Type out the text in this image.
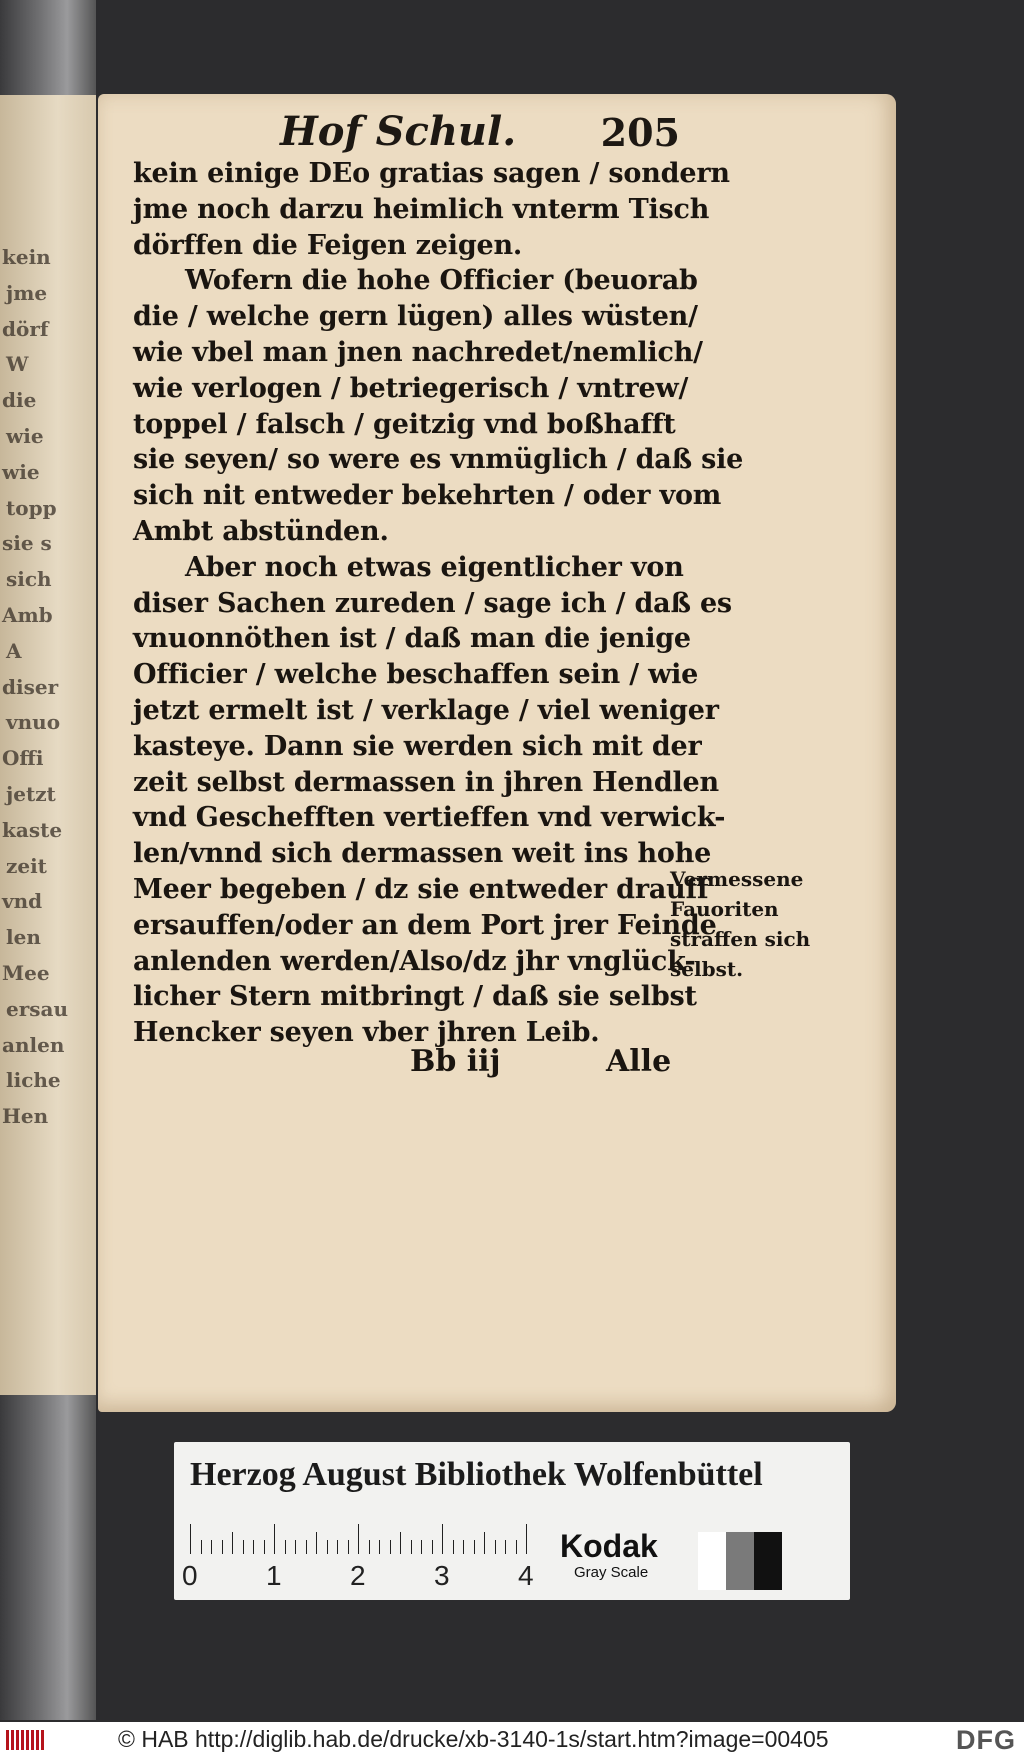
kein
jme
dörf
W
die
wie
wie
topp
sie s
sich
Amb
A
diser
vnuo
Offi
jetzt
kaste
zeit
vnd
len
Mee
ersau
anlen
liche
Hen
Hof Schul. 205
kein einige DEo gratias sagen / sondern
jme noch darzu heimlich vnterm Tisch
dörffen die Feigen zeigen.
Wofern die hohe Officier (beuorab
die / welche gern lügen) alles wüsten/
wie vbel man jnen nachredet/nemlich/
wie verlogen / betriegerisch / vntrew/
toppel / falsch / geitzig vnd boßhafft
sie seyen/ so were es vnmüglich / daß sie
sich nit entweder bekehrten / oder vom
Ambt abstünden.
Aber noch etwas eigentlicher von
diser Sachen zureden / sage ich / daß es
vnuonnöthen ist / daß man die jenige
Officier / welche beschaffen sein / wie
jetzt ermelt ist / verklage / viel weniger
kasteye. Dann sie werden sich mit der
zeit selbst dermassen in jhren Hendlen
vnd Geschefften vertieffen vnd verwick-
len/vnnd sich dermassen weit ins hohe
Meer begeben / dz sie entweder drauff
ersauffen/oder an dem Port jrer Feinde
anlenden werden/Also/dz jhr vnglück-
licher Stern mitbringt / daß sie selbst
Hencker seyen vber jhren Leib.
Bb iij	Alle
Vermessene
Fauoriten
straffen sich
selbst.
Herzog August Bibliothek Wolfenbüttel
0 1 2 3 4
Kodak
Gray Scale
© HAB http://diglib.hab.de/drucke/xb-3140-1s/start.htm?image=00405	DFG
